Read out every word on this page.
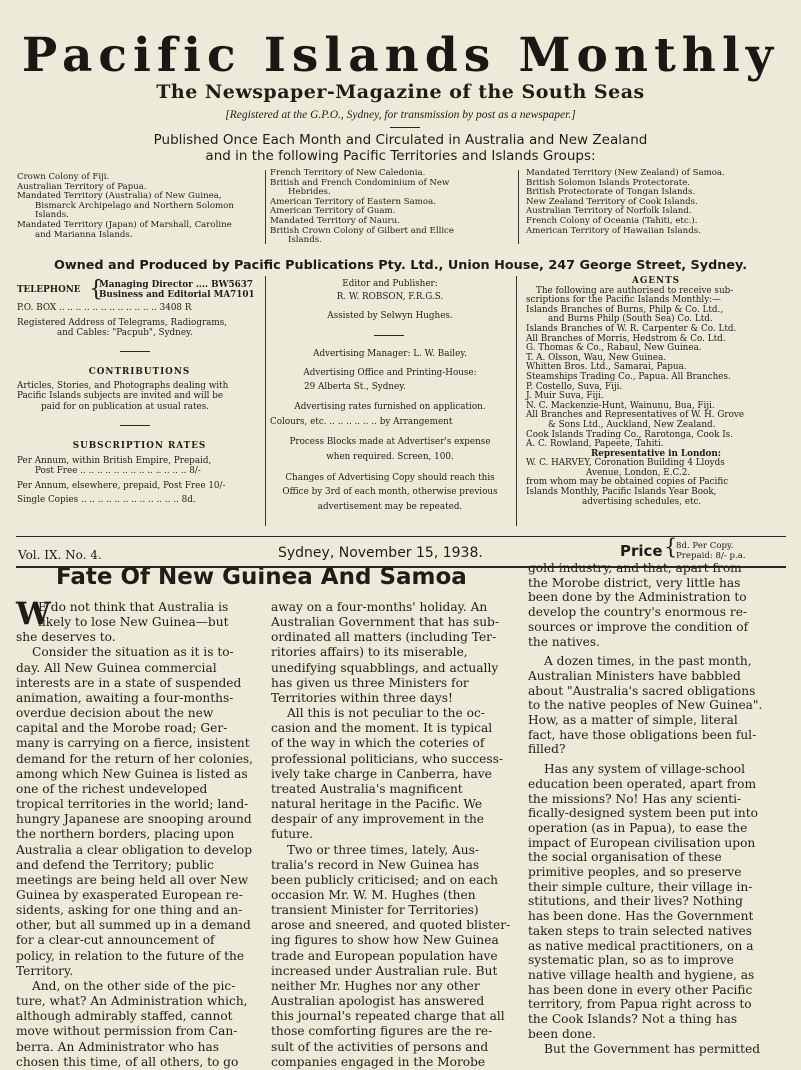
Pacific Islands Monthly
The Newspaper-Magazine of the South Seas
[Registered at the G.P.O., Sydney, for transmission by post as a newspaper.]
Published Once Each Month and Circulated in Australia and New Zealand
and in the following Pacific Territories and Islands Groups:
Crown Colony of Fiji.
Australian Territory of Papua.
Mandated Territory (Australia) of New Guinea,
Bismarck Archipelago and Northern Solomon
Islands.
Mandated Territory (Japan) of Marshall, Caroline
and Marianna Islands.
French Territory of New Caledonia.
British and French Condominium of New
Hebrides.
American Territory of Eastern Samoa.
American Territory of Guam.
Mandated Territory of Nauru.
British Crown Colony of Gilbert and Ellice
Islands.
Mandated Territory (New Zealand) of Samoa.
British Solomon Islands Protectorate.
British Protectorate of Tongan Islands.
New Zealand Territory of Cook Islands.
Australian Territory of Norfolk Island.
French Colony of Oceania (Tahiti, etc.).
American Territory of Hawaiian Islands.
Owned and Produced by Pacific Publications Pty. Ltd., Union House, 247 George Street, Sydney.
TELEPHONE {
Managing Director .... BW5637
Business and Editorial MA7101
P.O. BOX .. .. .. .. .. .. .. .. .. .. .. .. 3408 R
Registered Address of Telegrams, Radiograms,
and Cables: "Pacpub", Sydney.
CONTRIBUTIONS
Articles, Stories, and Photographs dealing with
Pacific Islands subjects are invited and will be
paid for on publication at usual rates.
SUBSCRIPTION RATES
Per Annum, within British Empire, Prepaid,
Post Free .. .. .. .. .. .. .. .. .. .. .. .. .. 8/-
Per Annum, elsewhere, prepaid, Post Free 10/-
Single Copies .. .. .. .. .. .. .. .. .. .. .. .. 8d.
Editor and Publisher:
R. W. ROBSON, F.R.G.S.
Assisted by Selwyn Hughes.
Advertising Manager: L. W. Bailey.
Advertising Office and Printing-House:
29 Alberta St., Sydney.
Advertising rates furnished on application.
Colours, etc. .. .. .. .. .. .. by Arrangement
Process Blocks made at Advertiser's expense
when required. Screen, 100.
Changes of Advertising Copy should reach this
Office by 3rd of each month, otherwise previous
advertisement may be repeated.
AGENTS
The following are authorised to receive sub-
scriptions for the Pacific Islands Monthly:—
Islands Branches of Burns, Philp & Co. Ltd.,
and Burns Philp (South Sea) Co. Ltd.
Islands Branches of W. R. Carpenter & Co. Ltd.
All Branches of Morris, Hedstrom & Co. Ltd.
G. Thomas & Co., Rabaul, New Guinea.
T. A. Olsson, Wau, New Guinea.
Whitten Bros. Ltd., Samarai, Papua.
Steamships Trading Co., Papua. All Branches.
P. Costello, Suva, Fiji.
J. Muir Suva, Fiji.
N. C. Mackenzie-Hunt, Wainunu, Bua, Fiji.
All Branches and Representatives of W. H. Grove
& Sons Ltd., Auckland, New Zealand.
Cook Islands Trading Co., Rarotonga, Cook Is.
A. C. Rowland, Papeete, Tahiti.
Representative in London:
W. C. HARVEY, Coronation Building 4 Lloyds
Avenue, London, E.C.2.
from whom may be obtained copies of Pacific
Islands Monthly, Pacific Islands Year Book,
advertising schedules, etc.
Vol. IX. No. 4.	Sydney, November 15, 1938.	Price {
8d. Per Copy.
Prepaid: 8/- p.a.
Fate Of New Guinea And Samoa
W
E do not think that Australia is
likely to lose New Guinea—but
she deserves to.
Consider the situation as it is to-
day. All New Guinea commercial
interests are in a state of suspended
animation, awaiting a four-months-
overdue decision about the new
capital and the Morobe road; Ger-
many is carrying on a fierce, insistent
demand for the return of her colonies,
among which New Guinea is listed as
one of the richest undeveloped
tropical territories in the world; land-
hungry Japanese are snooping around
the northern borders, placing upon
Australia a clear obligation to develop
and defend the Territory; public
meetings are being held all over New
Guinea by exasperated European re-
sidents, asking for one thing and an-
other, but all summed up in a demand
for a clear-cut announcement of
policy, in relation to the future of the
Territory.
And, on the other side of the pic-
ture, what? An Administration which,
although admirably staffed, cannot
move without permission from Can-
berra. An Administrator who has
chosen this time, of all others, to go
away on a four-months' holiday. An
Australian Government that has sub-
ordinated all matters (including Ter-
ritories affairs) to its miserable,
unedifying squabblings, and actually
has given us three Ministers for
Territories within three days!
All this is not peculiar to the oc-
casion and the moment. It is typical
of the way in which the coteries of
professional politicians, who success-
ively take charge in Canberra, have
treated Australia's magnificent
natural heritage in the Pacific. We
despair of any improvement in the
future.
Two or three times, lately, Aus-
tralia's record in New Guinea has
been publicly criticised; and on each
occasion Mr. W. M. Hughes (then
transient Minister for Territories)
arose and sneered, and quoted blister-
ing figures to show how New Guinea
trade and European population have
increased under Australian rule. But
neither Mr. Hughes nor any other
Australian apologist has answered
this journal's repeated charge that all
those comforting figures are the re-
sult of the activities of persons and
companies engaged in the Morobe
gold industry, and that, apart from
the Morobe district, very little has
been done by the Administration to
develop the country's enormous re-
sources or improve the condition of
the natives.
A dozen times, in the past month,
Australian Ministers have babbled
about "Australia's sacred obligations
to the native peoples of New Guinea".
How, as a matter of simple, literal
fact, have those obligations been ful-
filled?
Has any system of village-school
education been operated, apart from
the missions? No! Has any scienti-
fically-designed system been put into
operation (as in Papua), to ease the
impact of European civilisation upon
the social organisation of these
primitive peoples, and so preserve
their simple culture, their village in-
stitutions, and their lives? Nothing
has been done. Has the Government
taken steps to train selected natives
as native medical practitioners, on a
systematic plan, so as to improve
native village health and hygiene, as
has been done in every other Pacific
territory, from Papua right across to
the Cook Islands? Not a thing has
been done.
But the Government has permitted
